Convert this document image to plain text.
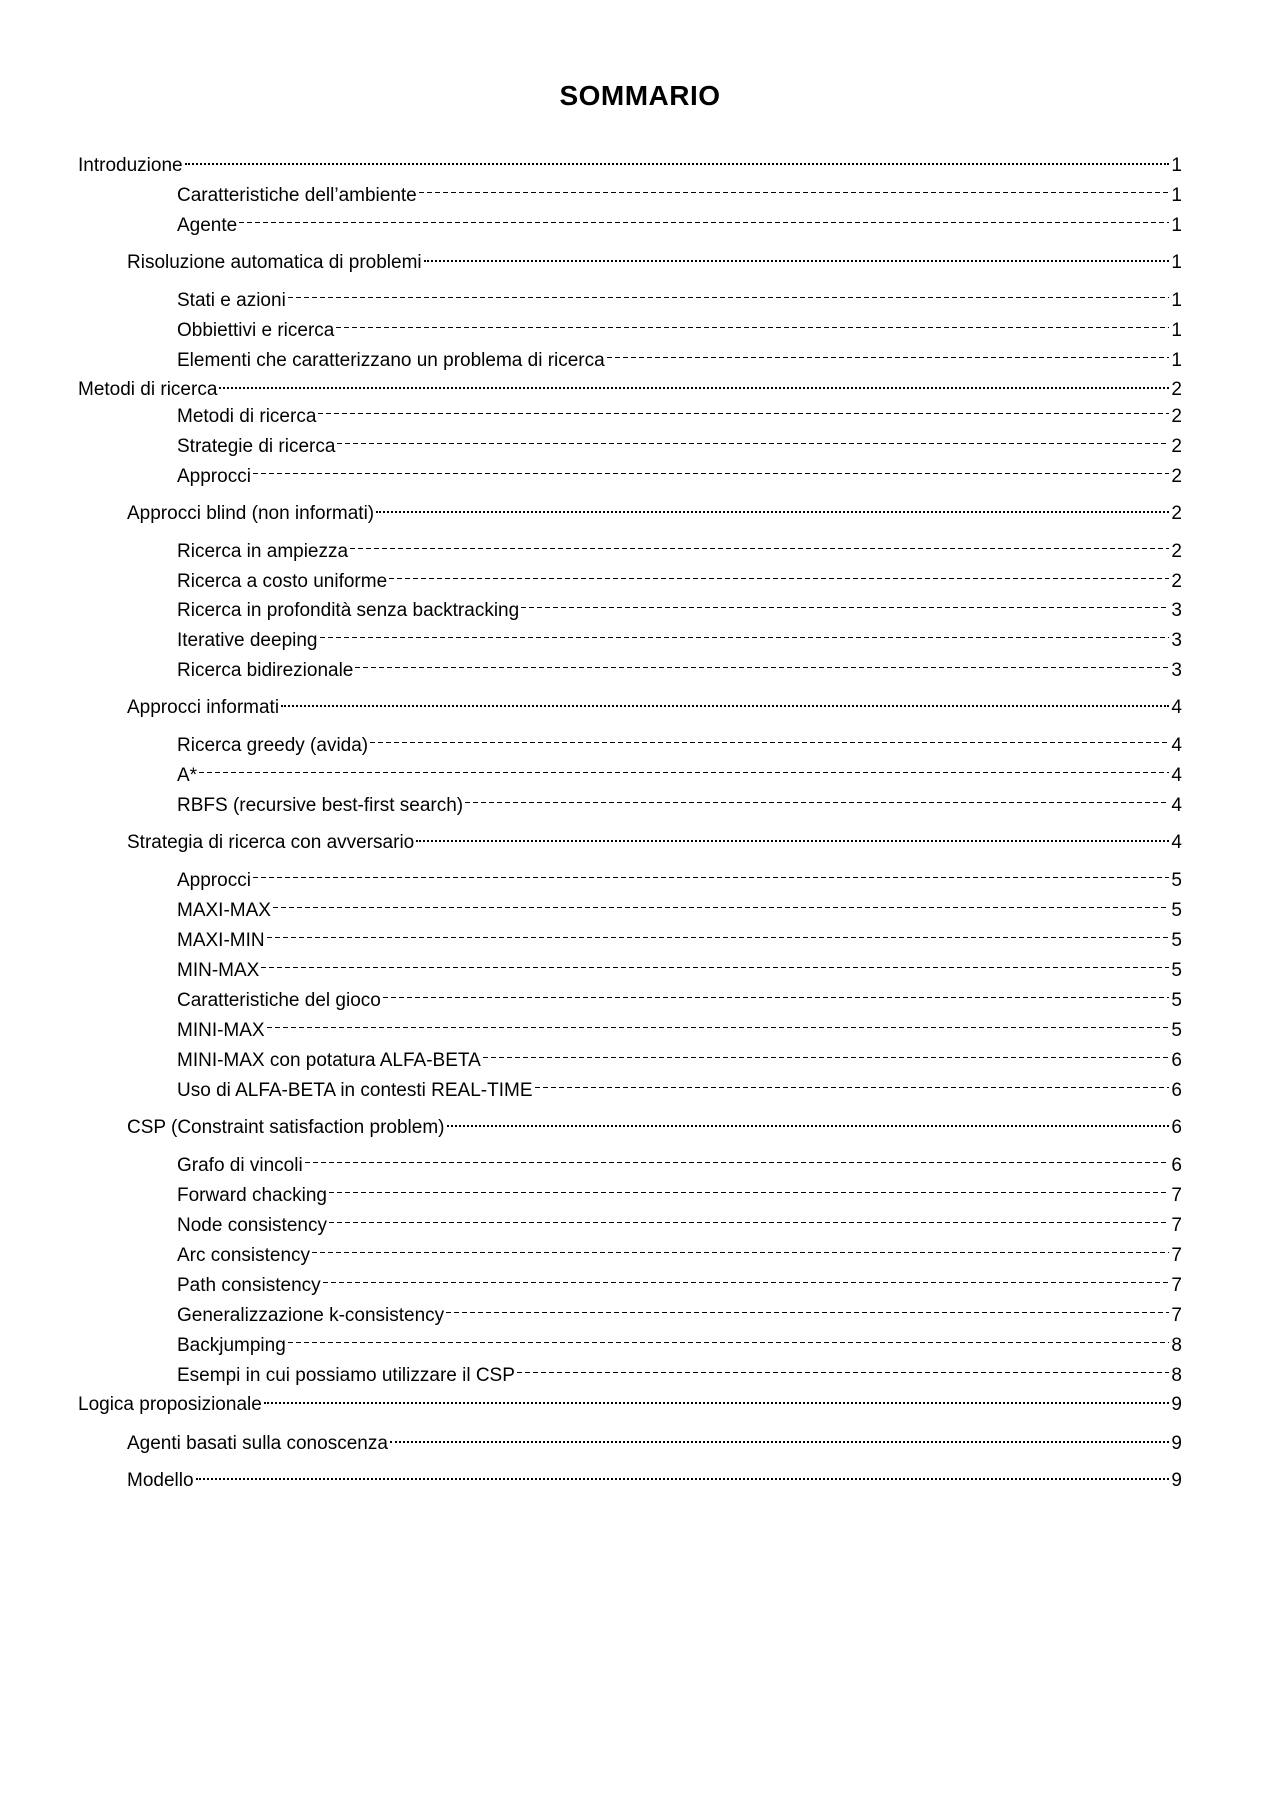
SOMMARIO
Introduzione	1
Caratteristiche dell’ambiente	1
Agente	1
Risoluzione automatica di problemi	1
Stati e azioni	1
Obbiettivi e ricerca	1
Elementi che caratterizzano un problema di ricerca	1
Metodi di ricerca	2
Metodi di ricerca	2
Strategie di ricerca	2
Approcci	2
Approcci blind (non informati)	2
Ricerca in ampiezza	2
Ricerca a costo uniforme	2
Ricerca in profondità senza backtracking	3
Iterative deeping	3
Ricerca bidirezionale	3
Approcci informati	4
Ricerca greedy (avida)	4
A*	4
RBFS (recursive best-first search)	4
Strategia di ricerca con avversario	4
Approcci	5
MAXI-MAX	5
MAXI-MIN	5
MIN-MAX	5
Caratteristiche del gioco	5
MINI-MAX	5
MINI-MAX con potatura ALFA-BETA	6
Uso di ALFA-BETA in contesti REAL-TIME	6
CSP (Constraint satisfaction problem)	6
Grafo di vincoli	6
Forward chacking	7
Node consistency	7
Arc consistency	7
Path consistency	7
Generalizzazione k-consistency	7
Backjumping	8
Esempi in cui possiamo utilizzare il CSP	8
Logica proposizionale	9
Agenti basati sulla conoscenza	9
Modello	9
